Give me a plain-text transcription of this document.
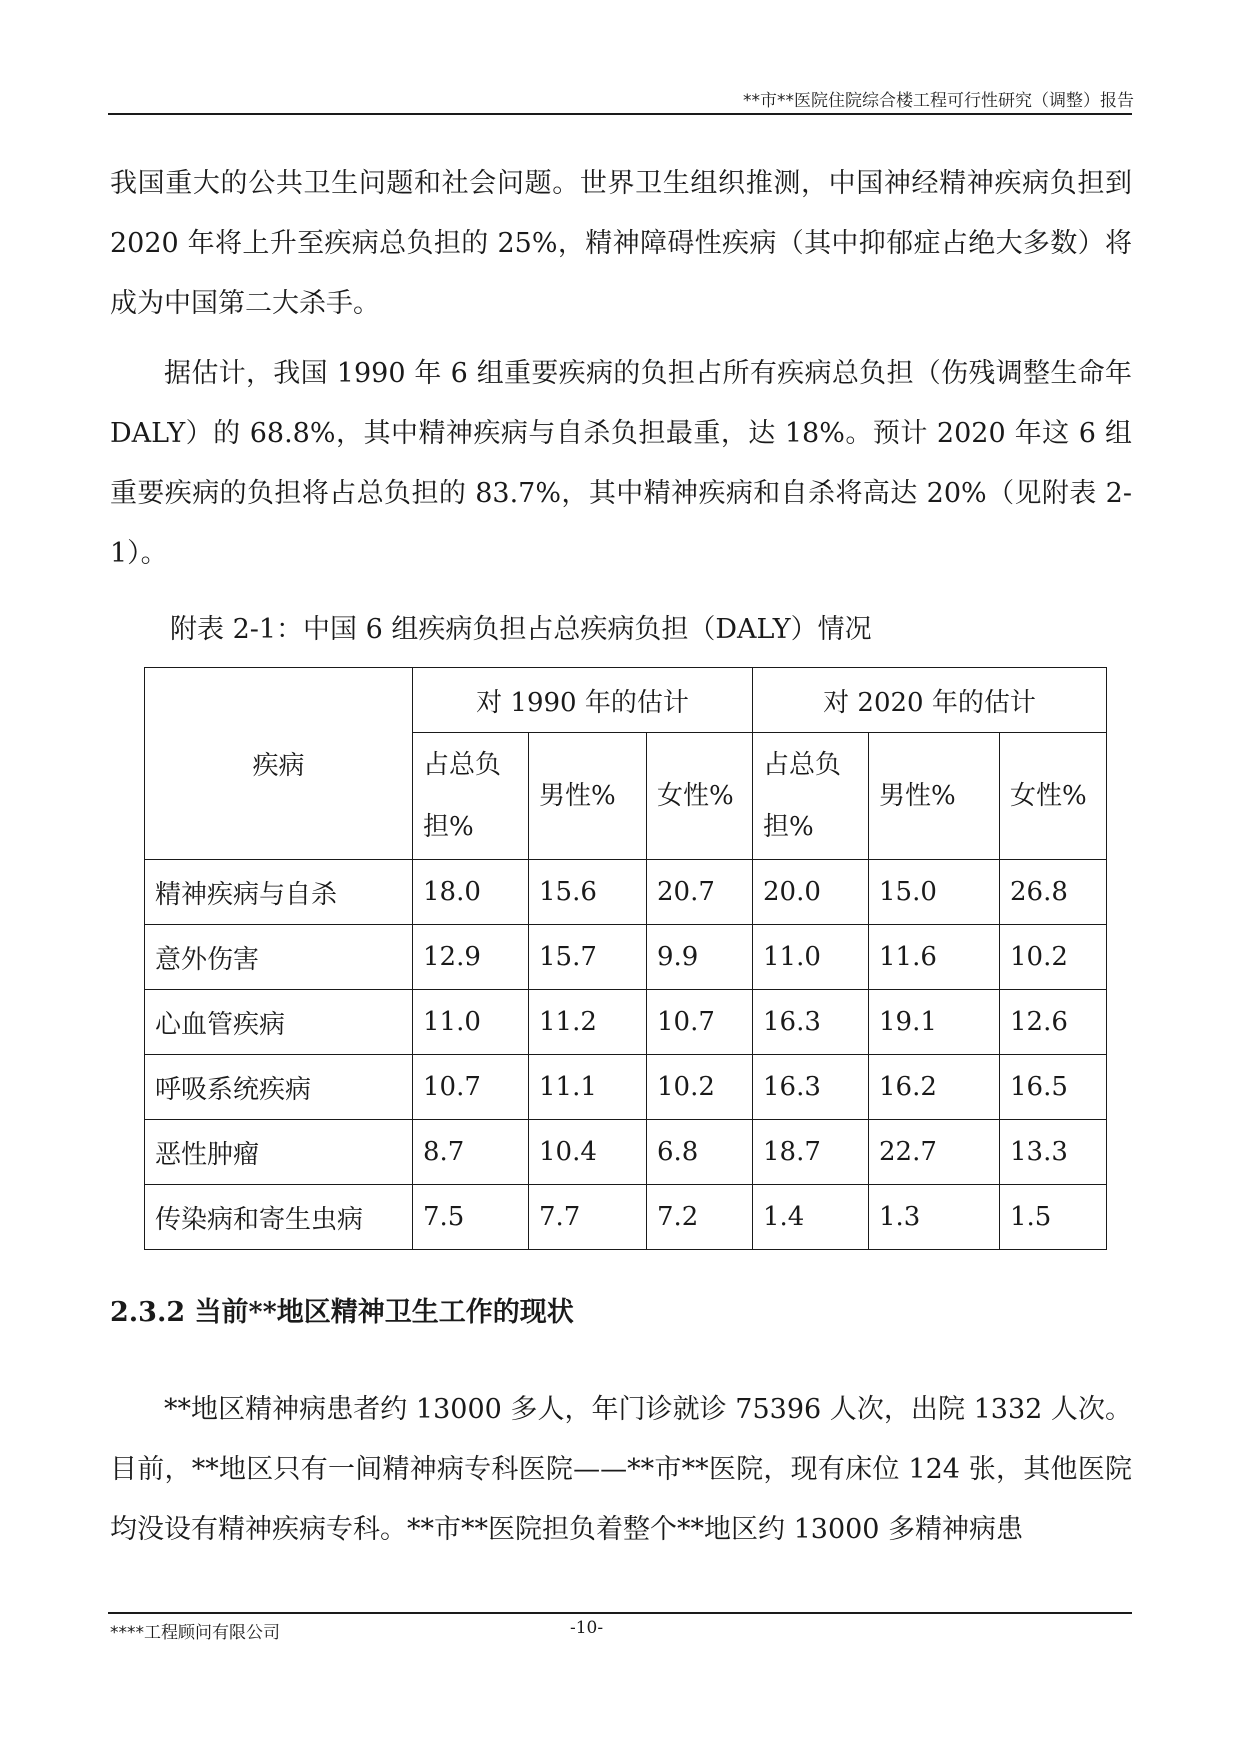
**市**医院住院综合楼工程可行性研究（调整）报告

我国重大的公共卫生问题和社会问题。世界卫生组织推测，中国神经精神疾病负担到 2020 年将上升至疾病总负担的 25%，精神障碍性疾病（其中抑郁症占绝大多数）将成为中国第二大杀手。

据估计，我国 1990 年 6 组重要疾病的负担占所有疾病总负担（伤残调整生命年 DALY）的 68.8%，其中精神疾病与自杀负担最重，达 18%。预计 2020 年这 6 组重要疾病的负担将占总负担的 83.7%，其中精神疾病和自杀将高达 20%（见附表 2-1）。

附表 2-1：中国 6 组疾病负担占总疾病负担（DALY）情况
疾病	对 1990 年的估计			对 2020 年的估计		
	占总负担%	男性%	女性%	占总负担%	男性%	女性%
精神疾病与自杀	18.0	15.6	20.7	20.0	15.0	26.8
意外伤害	12.9	15.7	9.9	11.0	11.6	10.2
心血管疾病	11.0	11.2	10.7	16.3	19.1	12.6
呼吸系统疾病	10.7	11.1	10.2	16.3	16.2	16.5
恶性肿瘤	8.7	10.4	6.8	18.7	22.7	13.3
传染病和寄生虫病	7.5	7.7	7.2	1.4	1.3	1.5
2.3.2 当前**地区精神卫生工作的现状

**地区精神病患者约 13000 多人，年门诊就诊 75396 人次，出院 1332 人次。目前，**地区只有一间精神病专科医院——**市**医院，现有床位 124 张，其他医院均没设有精神疾病专科。**市**医院担负着整个**地区约 13000 多精神病患

****工程顾问有限公司	-10-
